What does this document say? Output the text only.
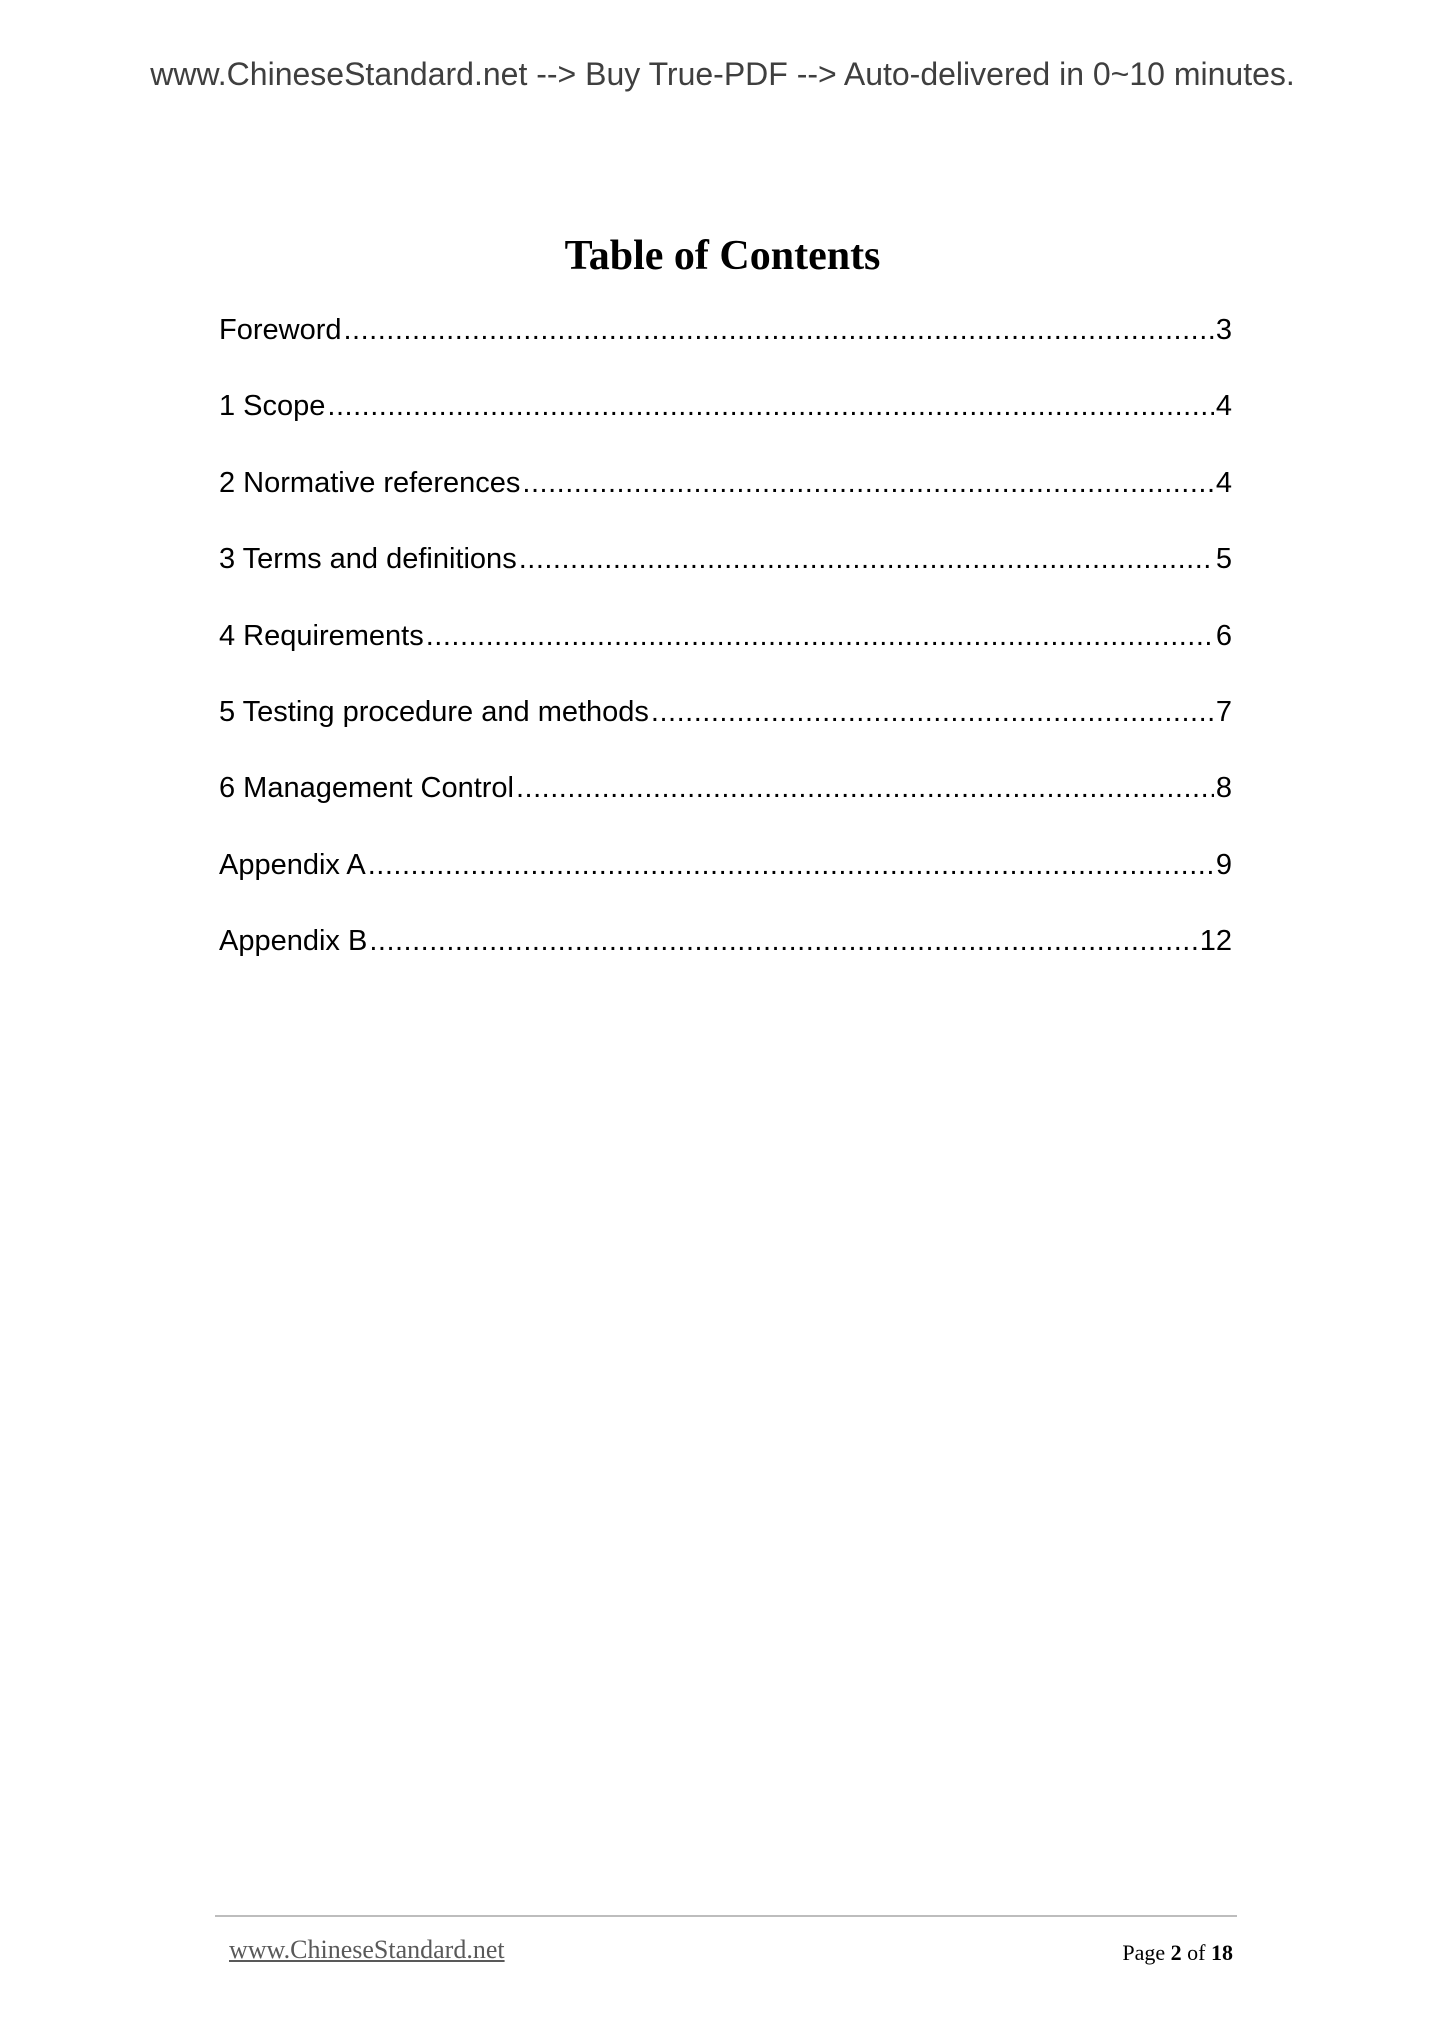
www.ChineseStandard.net --> Buy True-PDF --> Auto-delivered in 0~10 minutes.
Table of Contents
Foreword .....	3
1 Scope .....	4
2 Normative references .....	4
3 Terms and definitions .....	5
4 Requirements .....	6
5 Testing procedure and methods .....	7
6 Management Control .....	8
Appendix A .....	9
Appendix B .....	12
www.ChineseStandard.net	Page 2 of 18
